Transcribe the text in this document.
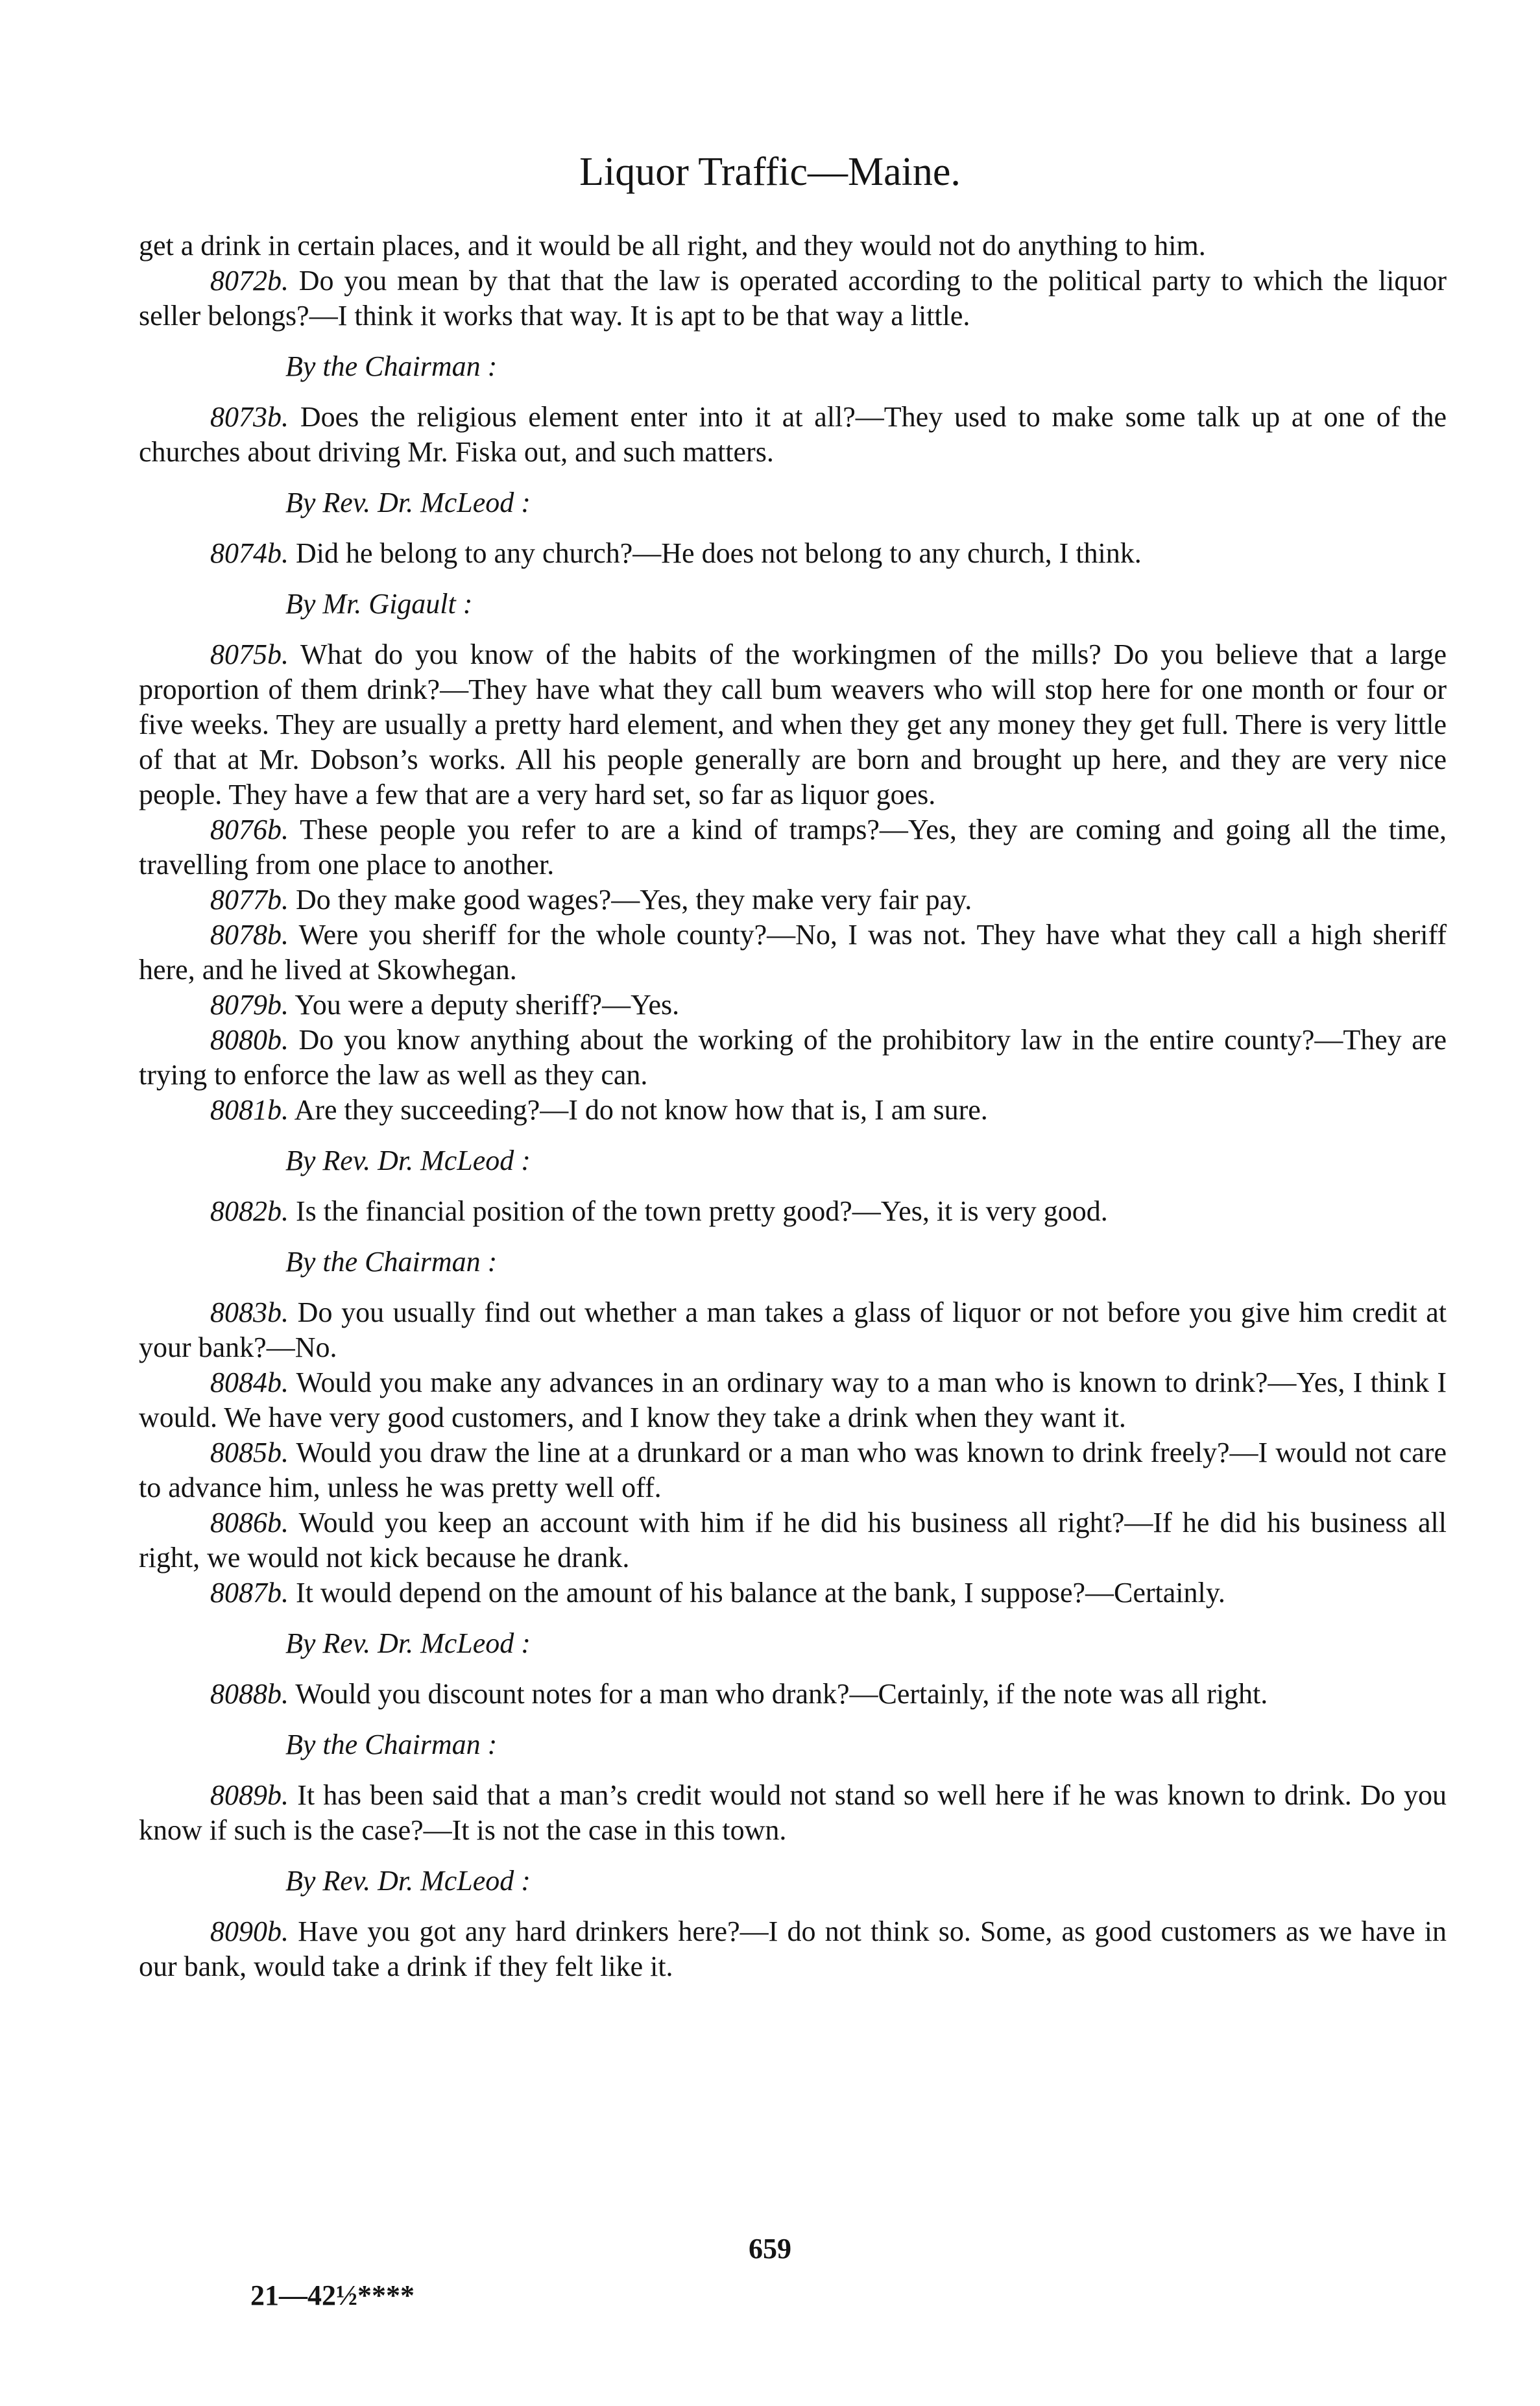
Liquor Traffic—Maine.

get a drink in certain places, and it would be all right, and they would not do anything to him.

8072b. Do you mean by that that the law is operated according to the political party to which the liquor seller belongs?—I think it works that way. It is apt to be that way a little.

By the Chairman :

8073b. Does the religious element enter into it at all?—They used to make some talk up at one of the churches about driving Mr. Fiska out, and such matters.

By Rev. Dr. McLeod :

8074b. Did he belong to any church?—He does not belong to any church, I think.

By Mr. Gigault :

8075b. What do you know of the habits of the workingmen of the mills? Do you believe that a large proportion of them drink?—They have what they call bum weavers who will stop here for one month or four or five weeks. They are usually a pretty hard element, and when they get any money they get full. There is very little of that at Mr. Dobson’s works. All his people generally are born and brought up here, and they are very nice people. They have a few that are a very hard set, so far as liquor goes.

8076b. These people you refer to are a kind of tramps?—Yes, they are coming and going all the time, travelling from one place to another.

8077b. Do they make good wages?—Yes, they make very fair pay.

8078b. Were you sheriff for the whole county?—No, I was not. They have what they call a high sheriff here, and he lived at Skowhegan.

8079b. You were a deputy sheriff?—Yes.

8080b. Do you know anything about the working of the prohibitory law in the entire county?—They are trying to enforce the law as well as they can.

8081b. Are they succeeding?—I do not know how that is, I am sure.

By Rev. Dr. McLeod :

8082b. Is the financial position of the town pretty good?—Yes, it is very good.

By the Chairman :

8083b. Do you usually find out whether a man takes a glass of liquor or not before you give him credit at your bank?—No.

8084b. Would you make any advances in an ordinary way to a man who is known to drink?—Yes, I think I would. We have very good customers, and I know they take a drink when they want it.

8085b. Would you draw the line at a drunkard or a man who was known to drink freely?—I would not care to advance him, unless he was pretty well off.

8086b. Would you keep an account with him if he did his business all right?—If he did his business all right, we would not kick because he drank.

8087b. It would depend on the amount of his balance at the bank, I suppose?—Certainly.

By Rev. Dr. McLeod :

8088b. Would you discount notes for a man who drank?—Certainly, if the note was all right.

By the Chairman :

8089b. It has been said that a man’s credit would not stand so well here if he was known to drink. Do you know if such is the case?—It is not the case in this town.

By Rev. Dr. McLeod :

8090b. Have you got any hard drinkers here?—I do not think so. Some, as good customers as we have in our bank, would take a drink if they felt like it.

659
21—42½****
